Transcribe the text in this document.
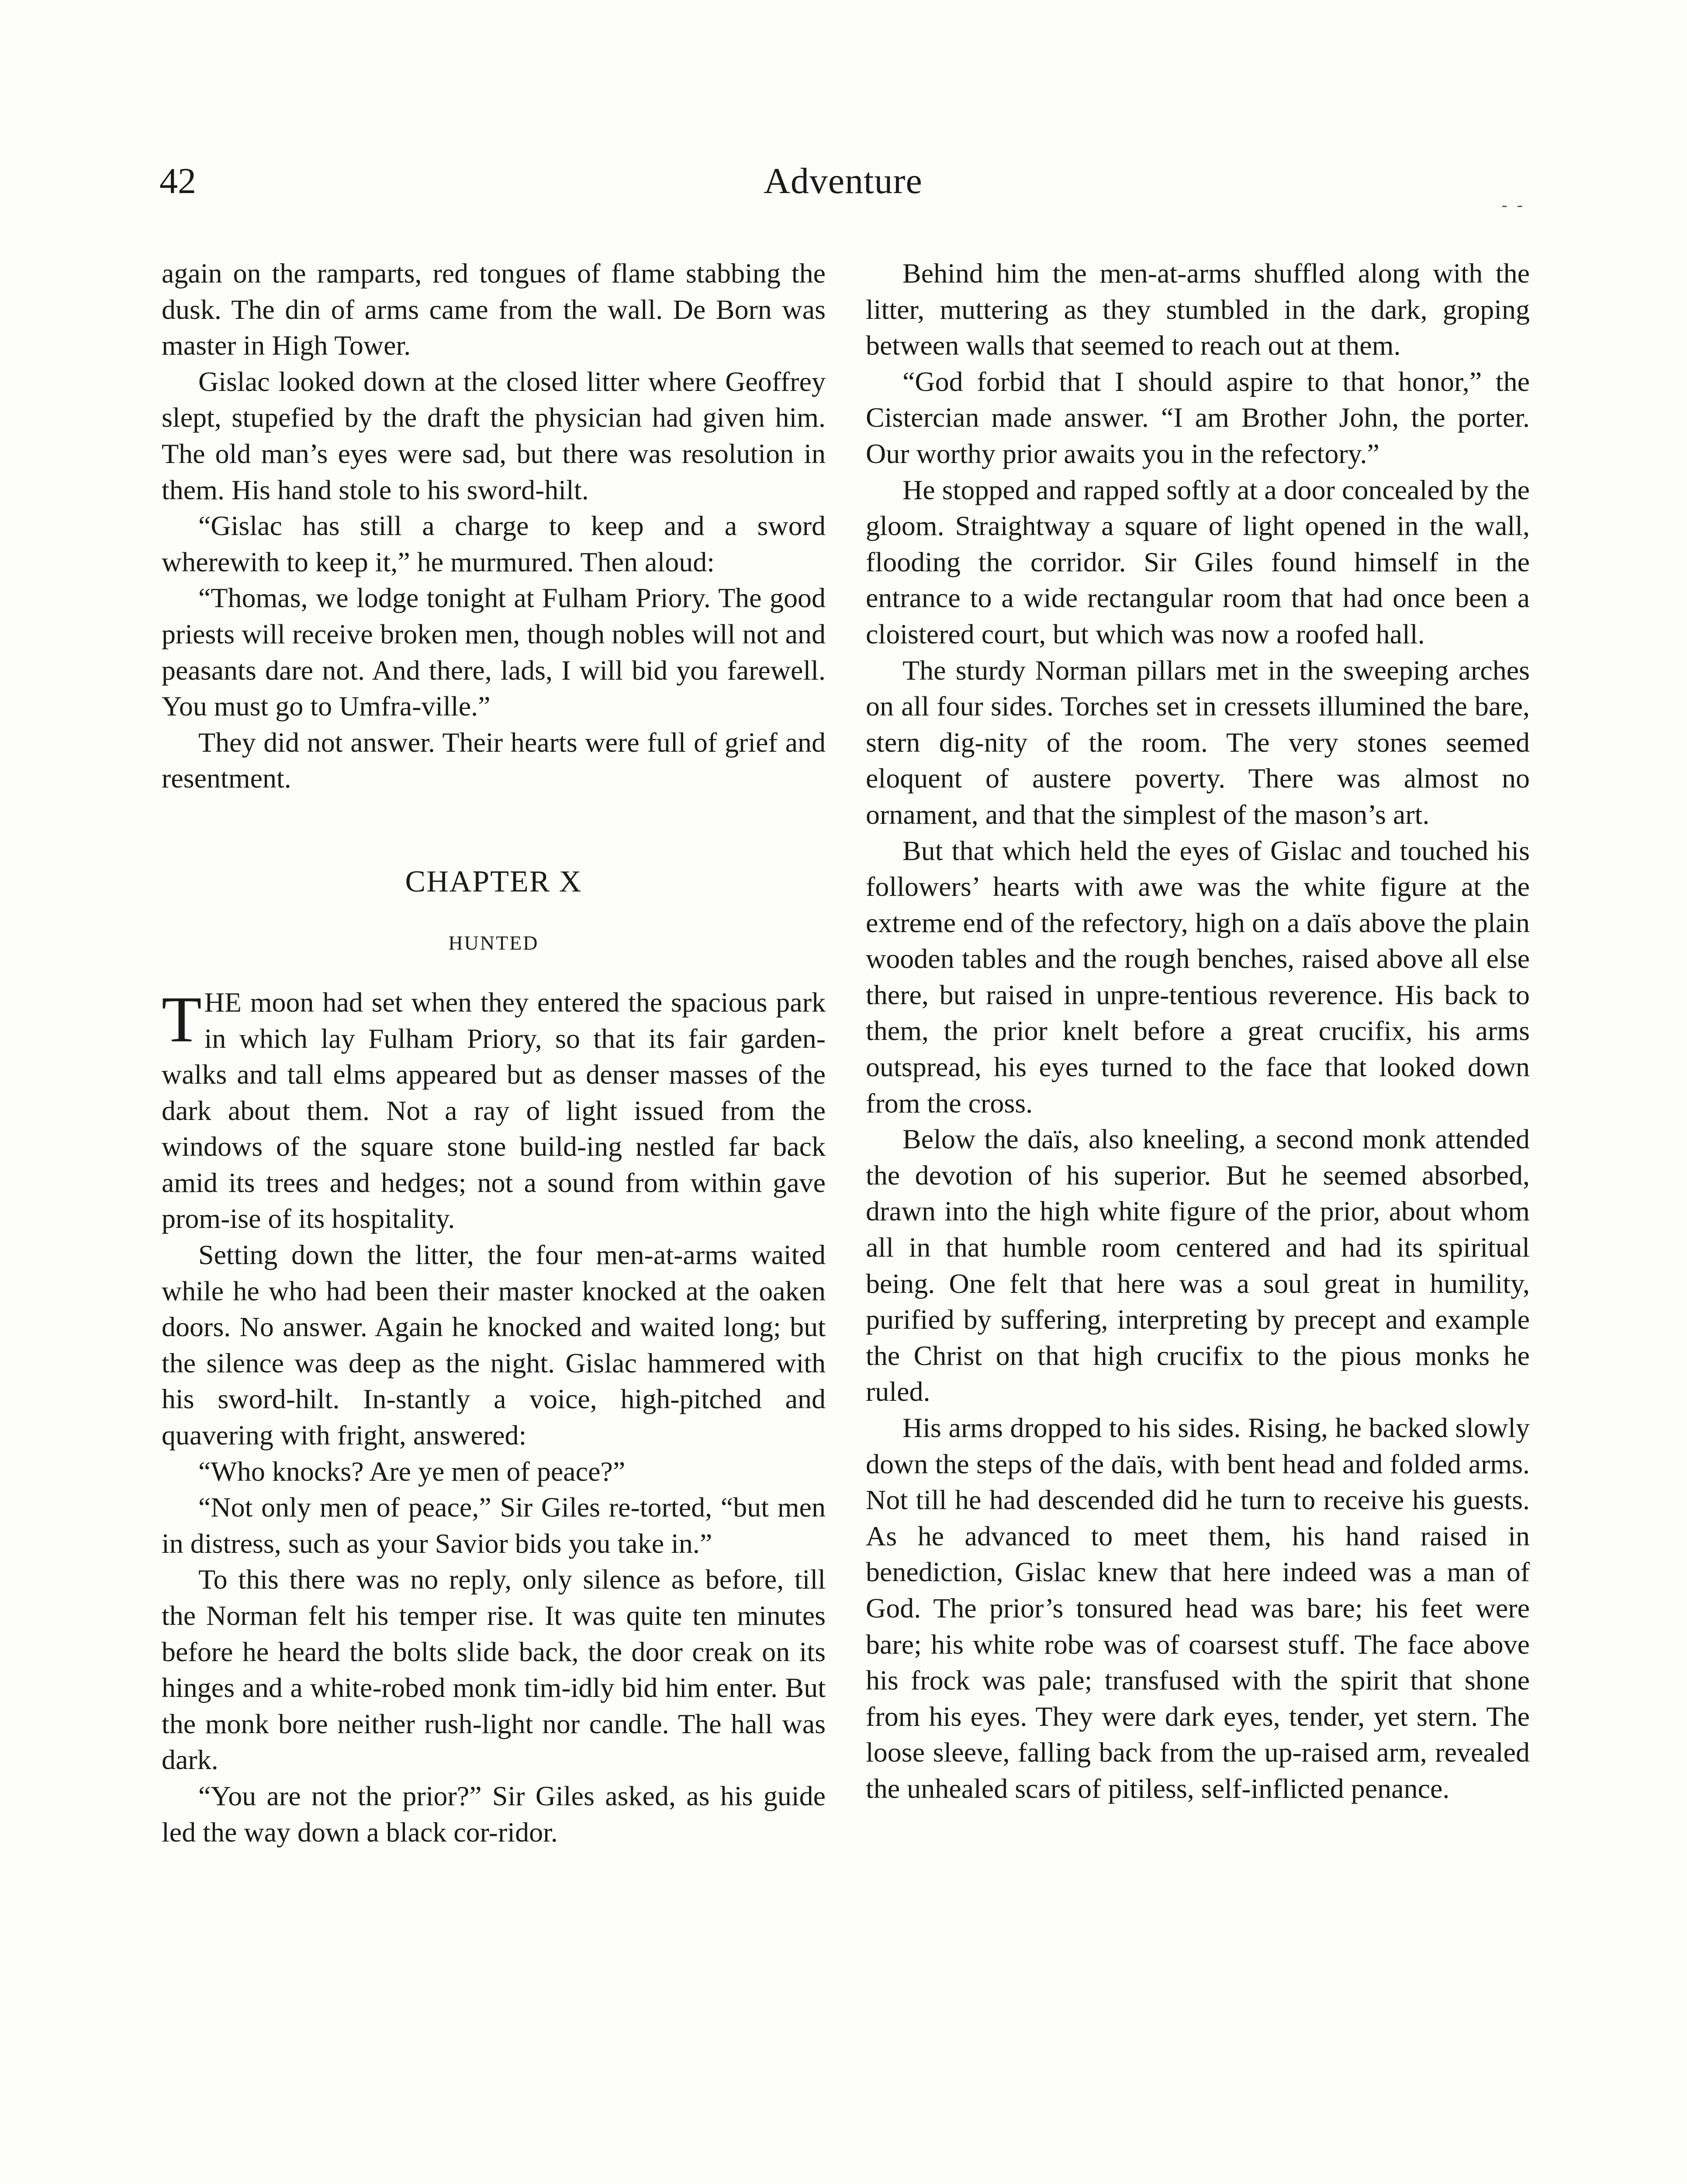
42	Adventure
- -

again on the ramparts, red tongues of flame stabbing the dusk. The din of arms came from the wall. De Born was master in High Tower.

Gislac looked down at the closed litter where Geoffrey slept, stupefied by the draft the physician had given him. The old man’s eyes were sad, but there was resolution in them. His hand stole to his sword-hilt.

“Gislac has still a charge to keep and a sword wherewith to keep it,” he murmured. Then aloud:

“Thomas, we lodge tonight at Fulham Priory. The good priests will receive broken men, though nobles will not and peasants dare not. And there, lads, I will bid you farewell. You must go to Umfra-ville.”

They did not answer. Their hearts were full of grief and resentment.

CHAPTER X
HUNTED

THE moon had set when they entered the spacious park in which lay Fulham Priory, so that its fair garden-walks and tall elms appeared but as denser masses of the dark about them. Not a ray of light issued from the windows of the square stone build-ing nestled far back amid its trees and hedges; not a sound from within gave prom-ise of its hospitality.

Setting down the litter, the four men-at-arms waited while he who had been their master knocked at the oaken doors. No answer. Again he knocked and waited long; but the silence was deep as the night. Gislac hammered with his sword-hilt. In-stantly a voice, high-pitched and quavering with fright, answered:

“Who knocks? Are ye men of peace?”

“Not only men of peace,” Sir Giles re-torted, “but men in distress, such as your Savior bids you take in.”

To this there was no reply, only silence as before, till the Norman felt his temper rise. It was quite ten minutes before he heard the bolts slide back, the door creak on its hinges and a white-robed monk tim-idly bid him enter. But the monk bore neither rush-light nor candle. The hall was dark.

“You are not the prior?” Sir Giles asked, as his guide led the way down a black cor-ridor.

Behind him the men-at-arms shuffled along with the litter, muttering as they stumbled in the dark, groping between walls that seemed to reach out at them.

“God forbid that I should aspire to that honor,” the Cistercian made answer. “I am Brother John, the porter. Our worthy prior awaits you in the refectory.”

He stopped and rapped softly at a door concealed by the gloom. Straightway a square of light opened in the wall, flooding the corridor. Sir Giles found himself in the entrance to a wide rectangular room that had once been a cloistered court, but which was now a roofed hall.

The sturdy Norman pillars met in the sweeping arches on all four sides. Torches set in cressets illumined the bare, stern dig-nity of the room. The very stones seemed eloquent of austere poverty. There was almost no ornament, and that the simplest of the mason’s art.

But that which held the eyes of Gislac and touched his followers’ hearts with awe was the white figure at the extreme end of the refectory, high on a daïs above the plain wooden tables and the rough benches, raised above all else there, but raised in unpre-tentious reverence. His back to them, the prior knelt before a great crucifix, his arms outspread, his eyes turned to the face that looked down from the cross.

Below the daïs, also kneeling, a second monk attended the devotion of his superior. But he seemed absorbed, drawn into the high white figure of the prior, about whom all in that humble room centered and had its spiritual being. One felt that here was a soul great in humility, purified by suffering, interpreting by precept and example the Christ on that high crucifix to the pious monks he ruled.

His arms dropped to his sides. Rising, he backed slowly down the steps of the daïs, with bent head and folded arms. Not till he had descended did he turn to receive his guests. As he advanced to meet them, his hand raised in benediction, Gislac knew that here indeed was a man of God. The prior’s tonsured head was bare; his feet were bare; his white robe was of coarsest stuff. The face above his frock was pale; transfused with the spirit that shone from his eyes. They were dark eyes, tender, yet stern. The loose sleeve, falling back from the up-raised arm, revealed the unhealed scars of pitiless, self-inflicted penance.
